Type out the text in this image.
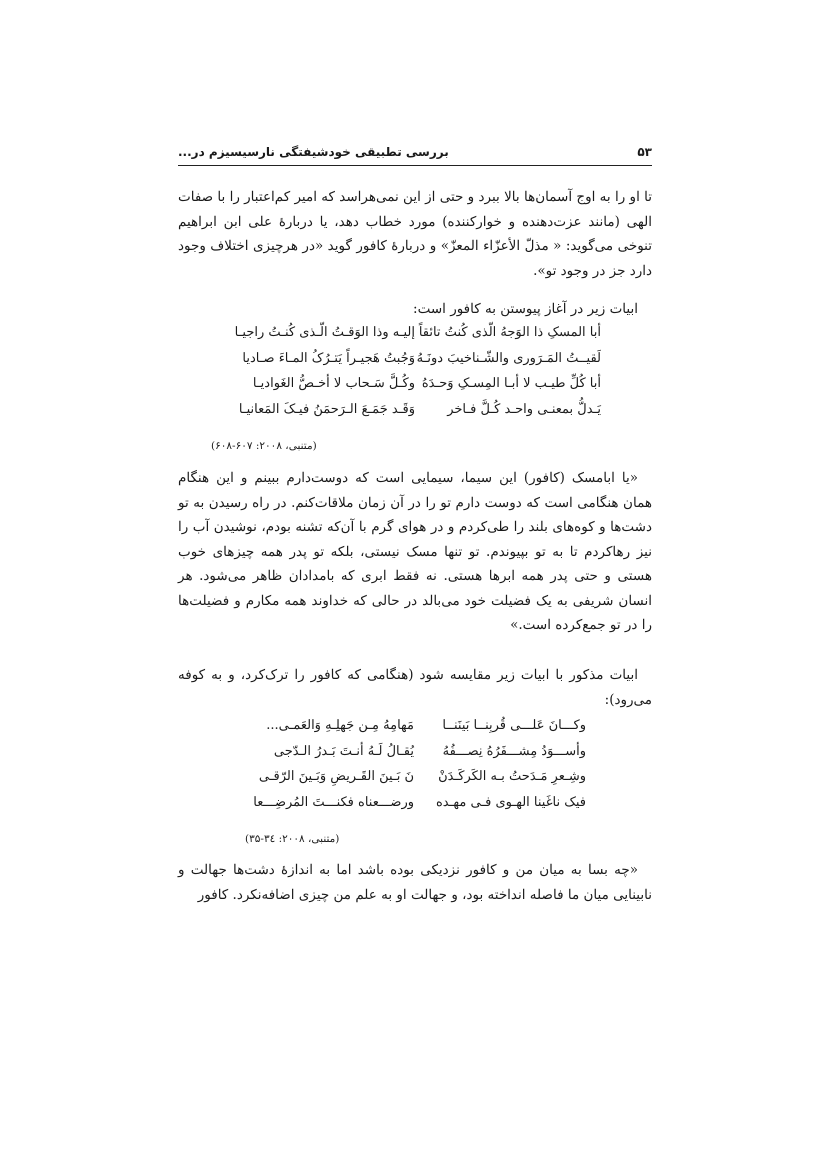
۵۳
بررسی تطبیقی خودشیفتگی نارسیسیزم در...

تا او را به اوج آسمان‌ها بالا ببرد و حتی از این نمی‌هراسد که امیر کم‌اعتبار را با صفات الهی (مانند عزت‌دهنده و خوارکننده) مورد خطاب دهد، یا دربارهٔ علی ابن ابراهیم تنوخی می‌گوید: « مذلّ الأعزّاء المعزّ» و دربارهٔ کافور گوید «در هرچیزی اختلاف وجود دارد جز در وجود تو».

ابیات زیر در آغاز پیوستن به کافور است:

أبا المسکِ ذا الوَجهُ الّذی کُنتُ تائقاً
إلیـه وذا الوَقـتُ الّـذی کُنـتُ راجیـا
لَقیــتُ المَـرَوری والشّـناخیبَ دونَـهُ
وَجُبتُ هَجیـراً یَتـرُکُ المـاءَ صـادیا
أبا کُلِّ طیـب لا أبـا المِسـکِ وَحـدَهُ
وکُـلَّ سَـحاب لا أخـصُّ الغَوادیـا
یَـدلُّ بمعنـی واحـد کُـلَّ فـاخر
وَقَـد جَمَـعَ الـرَحمَنُ فیـکَ المَعانیـا
(متنبی، ۲۰۰۸: ۶۰۷-۶۰۸)

«یا ابامسک (کافور) این سیما، سیمایی است که دوست‌دارم ببینم و این هنگام همان هنگامی است که دوست دارم تو را در آن زمان ملاقات‌کنم. در راه رسیدن به تو دشت‌ها و کوه‌های بلند را طی‌کردم و در هوای گرم با آن‌که تشنه بودم، نوشیدن آب را نیز رهاکردم تا به تو بپیوندم. تو تنها مسک نیستی، بلکه تو پدر همه چیزهای خوب هستی و حتی پدر همه ابرها هستی. نه فقط ابری که بامدادان ظاهر می‌شود. هر انسان شریفی به یک فضیلت خود می‌بالد در حالی که خداوند همه مکارم و فضیلت‌ها را در تو جمع‌کرده است.»

ابیات مذکور با ابیات زیر مقایسه شود (هنگامی که کافور را ترک‌کرد، و به کوفه می‌رود):

وکـــانَ عَلـــی قُربِنــا بَینَنــا
مَهامِهُ مِـن جَهلِـهِ وَالعَمـی...
وأســـوَدُ مِشـــفَرُهُ نِصـــفُهُ
یُقـالُ لَـهُ أنـتَ بَـدرُ الـدّجی
وشِـعرِ مَـدَحتُ بـه الکَرکَـدَنْ
نَ بَـینَ القَـریضِ وَبَـینَ الرّقـی
فیک ناغَینا الهـوی فـی مهـده
ورضـــعناه فکنـــتَ المُرضِـــعا
(متنبی، ۲۰۰۸: ۳٤-۳۵)

«چه بسا به میان من و کافور نزدیکی بوده باشد اما به اندازهٔ دشت‌ها جهالت و نابینایی میان ما فاصله انداخته بود، و جهالت او به علم من چیزی اضافه‌نکرد. کافور
